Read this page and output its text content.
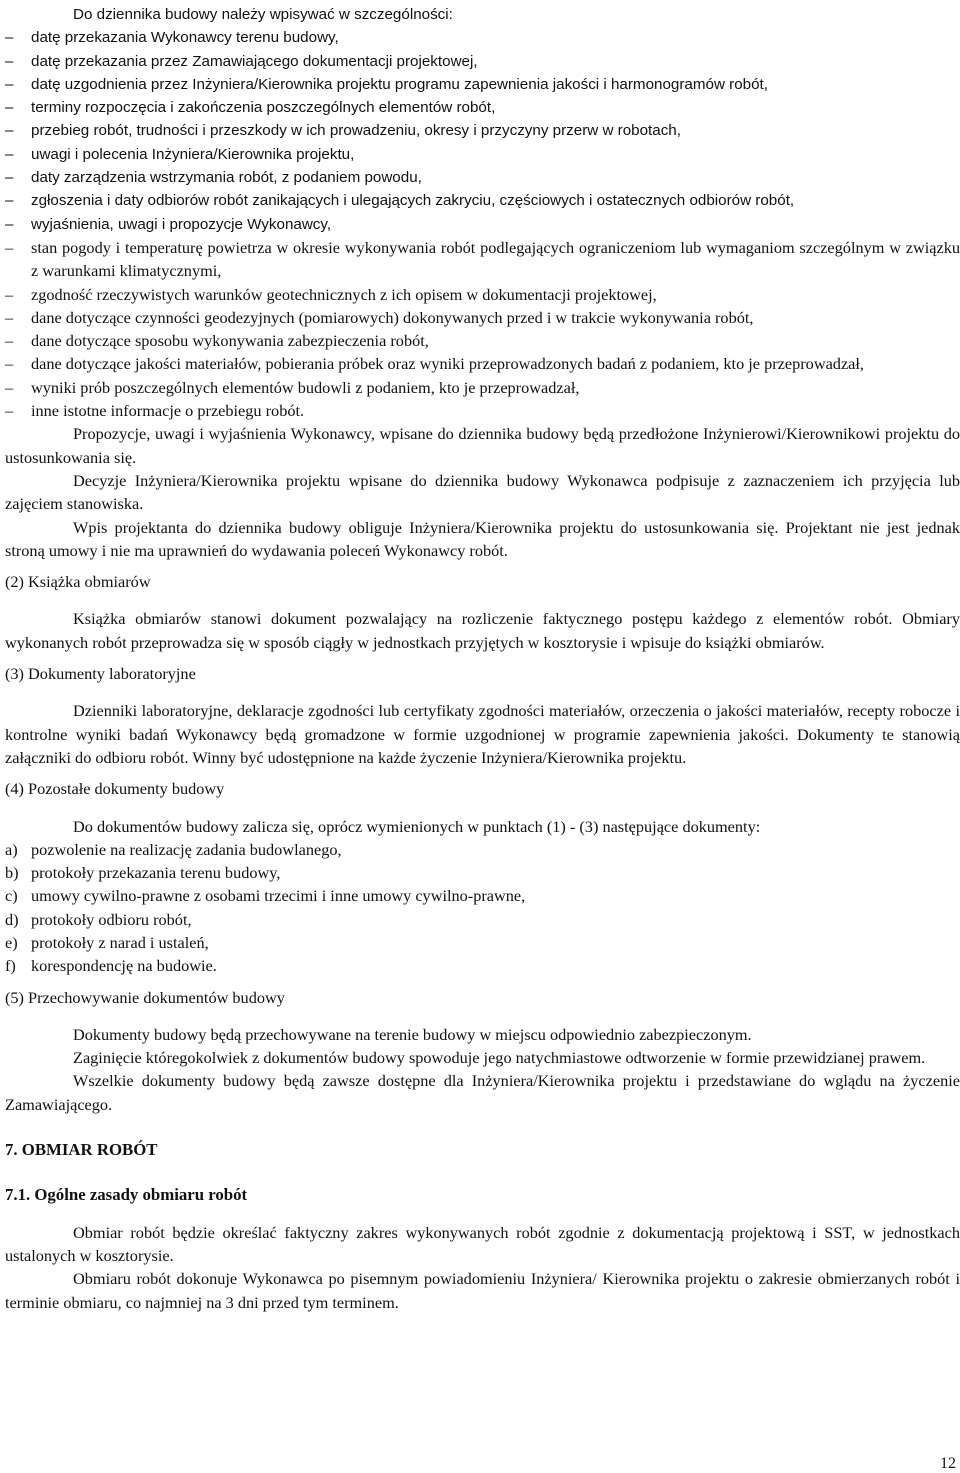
Do dziennika budowy należy wpisywać w szczególności:

– datę przekazania Wykonawcy terenu budowy,

– datę przekazania przez Zamawiającego dokumentacji projektowej,

– datę uzgodnienia przez Inżyniera/Kierownika projektu programu zapewnienia jakości i harmonogramów robót,

– terminy rozpoczęcia i zakończenia poszczególnych elementów robót,

– przebieg robót, trudności i przeszkody w ich prowadzeniu, okresy i przyczyny przerw w robotach,

– uwagi i polecenia Inżyniera/Kierownika projektu,

– daty zarządzenia wstrzymania robót, z podaniem powodu,

– zgłoszenia i daty odbiorów robót zanikających i ulegających zakryciu, częściowych i ostatecznych odbiorów robót,

– wyjaśnienia, uwagi i propozycje Wykonawcy,

– stan pogody i temperaturę powietrza w okresie wykonywania robót podlegających ograniczeniom lub wymaganiom szczególnym w związku z warunkami klimatycznymi,

– zgodność rzeczywistych warunków geotechnicznych z ich opisem w dokumentacji projektowej,

– dane dotyczące czynności geodezyjnych (pomiarowych) dokonywanych przed i w trakcie wykonywania robót,

– dane dotyczące sposobu wykonywania zabezpieczenia robót,

– dane dotyczące jakości materiałów, pobierania próbek oraz wyniki przeprowadzonych badań z podaniem, kto je przeprowadzał,

– wyniki prób poszczególnych elementów budowli z podaniem, kto je przeprowadzał,

– inne istotne informacje o przebiegu robót.

Propozycje, uwagi i wyjaśnienia Wykonawcy, wpisane do dziennika budowy będą przedłożone Inżynierowi/Kierownikowi projektu do ustosunkowania się.

Decyzje Inżyniera/Kierownika projektu wpisane do dziennika budowy Wykonawca podpisuje z zaznaczeniem ich przyjęcia lub zajęciem stanowiska.

Wpis projektanta do dziennika budowy obliguje Inżyniera/Kierownika projektu do ustosunkowania się. Projektant nie jest jednak stroną umowy i nie ma uprawnień do wydawania poleceń Wykonawcy robót.

(2) Książka obmiarów

Książka obmiarów stanowi dokument pozwalający na rozliczenie faktycznego postępu każdego z elementów robót. Obmiary wykonanych robót przeprowadza się w sposób ciągły w jednostkach przyjętych w kosztorysie i wpisuje do książki obmiarów.

(3) Dokumenty laboratoryjne

Dzienniki laboratoryjne, deklaracje zgodności lub certyfikaty zgodności materiałów, orzeczenia o jakości materiałów, recepty robocze i kontrolne wyniki badań Wykonawcy będą gromadzone w formie uzgodnionej w programie zapewnienia jakości. Dokumenty te stanowią załączniki do odbioru robót. Winny być udostępnione na każde życzenie Inżyniera/Kierownika projektu.

(4) Pozostałe dokumenty budowy

Do dokumentów budowy zalicza się, oprócz wymienionych w punktach (1) - (3) następujące dokumenty:

a) pozwolenie na realizację zadania budowlanego,

b) protokoły przekazania terenu budowy,

c) umowy cywilno-prawne z osobami trzecimi i inne umowy cywilno-prawne,

d) protokoły odbioru robót,

e) protokoły z narad i ustaleń,

f) korespondencję na budowie.

(5) Przechowywanie dokumentów budowy

Dokumenty budowy będą przechowywane na terenie budowy w miejscu odpowiednio zabezpieczonym.

Zaginięcie któregokolwiek z dokumentów budowy spowoduje jego natychmiastowe odtworzenie w formie przewidzianej prawem.

Wszelkie dokumenty budowy będą zawsze dostępne dla Inżyniera/Kierownika projektu i przedstawiane do wglądu na życzenie Zamawiającego.

7. OBMIAR ROBÓT

7.1. Ogólne zasady obmiaru robót

Obmiar robót będzie określać faktyczny zakres wykonywanych robót zgodnie z dokumentacją projektową i SST, w jednostkach ustalonych w kosztorysie.

Obmiaru robót dokonuje Wykonawca po pisemnym powiadomieniu Inżyniera/ Kierownika projektu o zakresie obmierzanych robót i terminie obmiaru, co najmniej na 3 dni przed tym terminem.

12
